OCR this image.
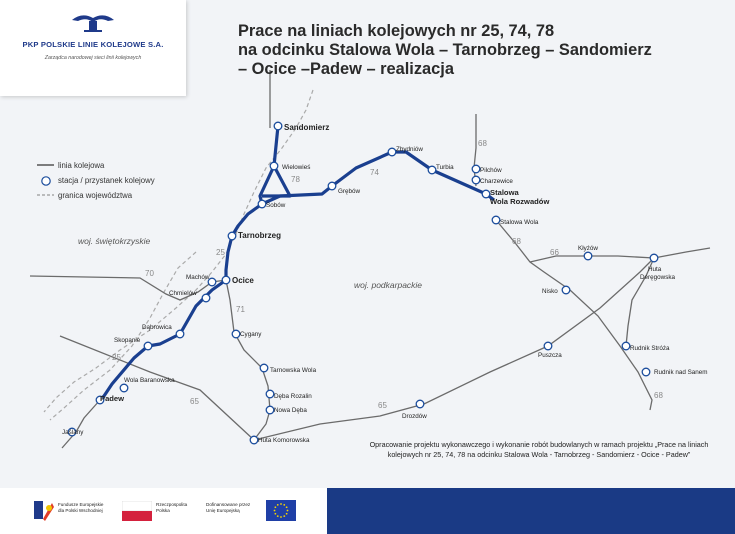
woj. świętokrzyskie
woj. podkarpackie
25
74
78
70
71
65	65
66
68
68
68
25
Sandomierz
Wielowieś
Sobów
Grębów
Zbydniów
Turbia	Pilchów
Charzewice
Stalowa
Wola Rozwadów
Stalowa Wola
Tarnobrzeg
Machów	Ocice
Chmielów
Dąbrowica
Skopanie
Wola Baranowska
Padew
Jaślany
Cygany
Tarnowska Wola
Dęba Rozalin
Nowa Dęba
Huta Komorowska
Drozdów
Puszcza
Nisko
Kłyżów
Huta
Deręgowska
Rudnik Stróża
Rudnik nad Sanem
PKP POLSKIE LINIE KOLEJOWE S.A.
Zarządca narodowej sieci linii kolejowych
Prace na liniach kolejowych nr 25, 74, 78
na odcinku Stalowa Wola – Tarnobrzeg – Sandomierz
– Ocice –Padew – realizacja
linia kolejowa
stacja / przystanek kolejowy
granica województwa
Opracowanie projektu wykonawczego i wykonanie robót budowlanych w ramach projektu „Prace na liniach kolejowych nr 25, 74, 78 na odcinku Stalowa Wola - Tarnobrzeg - Sandomierz - Ocice - Padew”
Fundusze Europejskie
dla Polski Wschodniej
Rzeczpospolita
Polska
Dofinansowane przez
Unię Europejską
